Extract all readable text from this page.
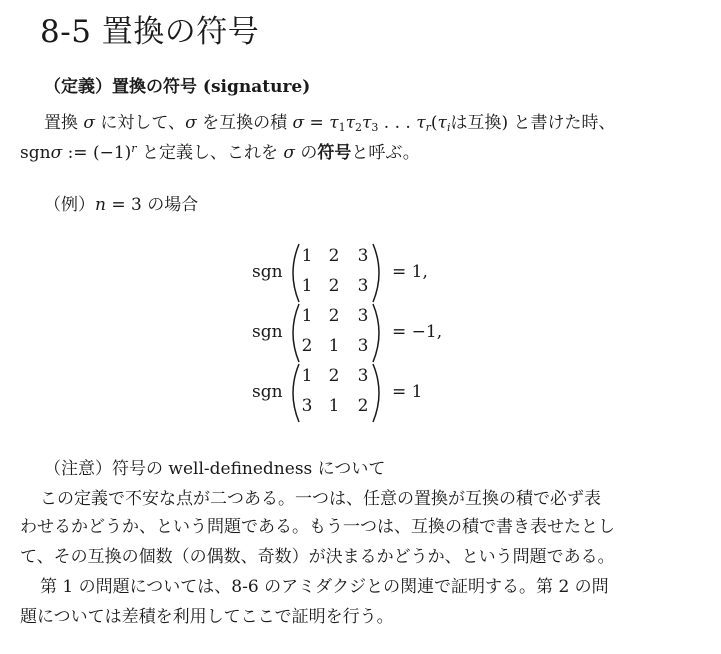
8-5 置換の符号
（定義）置換の符号 (signature)
置換 σ に対して、σ を互換の積 $\sigma = \tau_1\tau_2\tau_3$ . . . $\tau_r(\tau_i$は互換) と書けた時、
sgnσ := $(-1)^r$ と定義し、これを σ の符号と呼ぶ。
（例）n = 3 の場合
sgn
1 2 3
1 2 3
= 1,
sgn
1 2 3
2 1 3
= −1,
sgn
1 2 3
3 1 2
= 1
（注意）符号の well-definedness について
この定義で不安な点が二つある。一つは、任意の置換が互換の積で必ず表
わせるかどうか、という問題である。もう一つは、互換の積で書き表せたとし
て、その互換の個数（の偶数、奇数）が決まるかどうか、という問題である。
第 1 の問題については、8-6 のアミダクジとの関連で証明する。第 2 の問
題については差積を利用してここで証明を行う。
